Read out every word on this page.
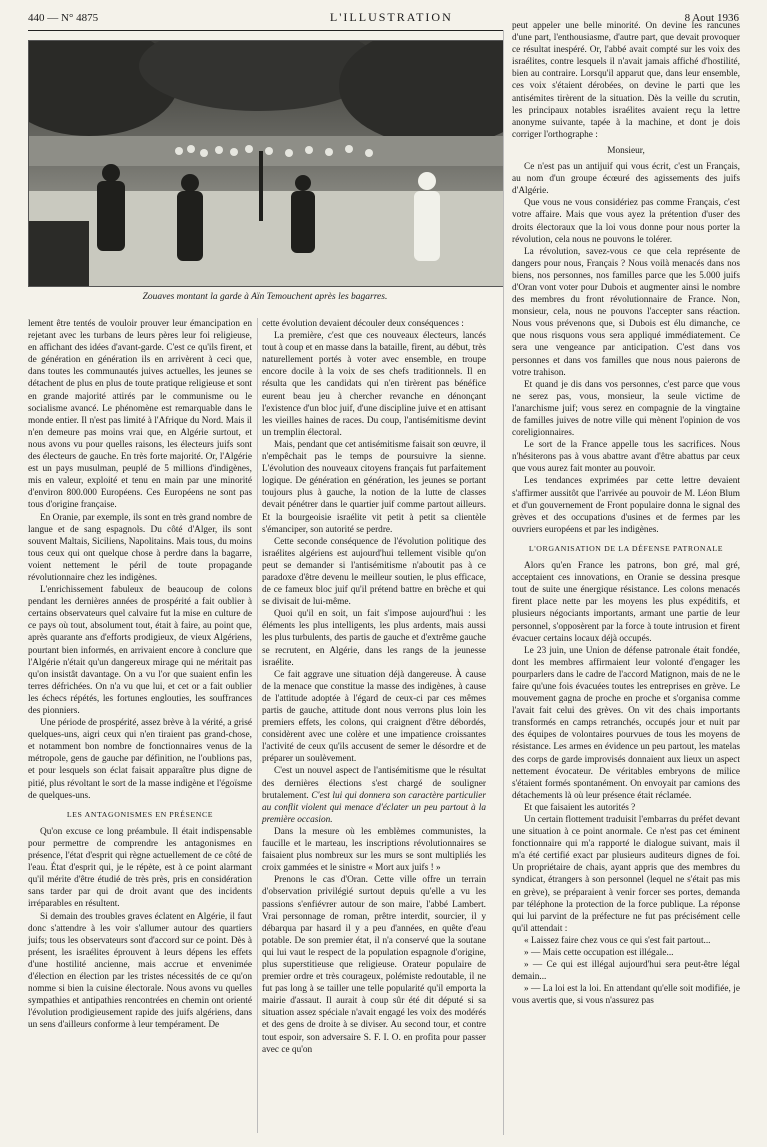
440 — N° 4875	L'ILLUSTRATION	8 Aout 1936
Zouaves montant la garde à Aïn Temouchent après les bagarres.

lement être tentés de vouloir prouver leur émancipation en rejetant avec les turbans de leurs pères leur foi religieuse, en affichant des idées d'avant-garde. C'est ce qu'ils firent, et de génération en génération ils en arrivèrent à ceci que, dans toutes les communautés juives actuelles, les jeunes se détachent de plus en plus de toute pratique religieuse et sont en grande majorité attirés par le communisme ou le socialisme avancé. Le phénomène est remarquable dans le monde entier. Il n'est pas limité à l'Afrique du Nord. Mais il n'en demeure pas moins vrai que, en Algérie surtout, et nous avons vu pour quelles raisons, les électeurs juifs sont des électeurs de gauche. En très forte majorité. Or, l'Algérie est un pays musulman, peuplé de 5 millions d'indigènes, mis en valeur, exploité et tenu en main par une minorité d'environ 800.000 Européens. Ces Européens ne sont pas tous d'origine française.

En Oranie, par exemple, ils sont en très grand nombre de langue et de sang espagnols. Du côté d'Alger, ils sont souvent Maltais, Siciliens, Napolitains. Mais tous, du moins tous ceux qui ont quelque chose à perdre dans la bagarre, voient nettement le péril de toute propagande révolutionnaire chez les indigènes.

L'enrichissement fabuleux de beaucoup de colons pendant les dernières années de prospérité a fait oublier à certains observateurs quel calvaire fut la mise en culture de ce pays où tout, absolument tout, était à faire, au point que, après quarante ans d'efforts prodigieux, de vieux Algériens, pourtant bien informés, en arrivaient encore à conclure que l'Algérie n'était qu'un dangereux mirage qui ne méritait pas qu'on insistât davantage. On a vu l'or que suaient enfin les terres défrichées. On n'a vu que lui, et cet or a fait oublier les échecs répétés, les fortunes englouties, les souffrances des pionniers.

Une période de prospérité, assez brève à la vérité, a grisé quelques-uns, aigri ceux qui n'en tiraient pas grand-chose, et notamment bon nombre de fonctionnaires venus de la métropole, gens de gauche par définition, ne l'oublions pas, et pour lesquels son éclat faisait apparaître plus digne de pitié, plus révoltant le sort de la masse indigène et l'égoïsme de quelques-uns.

LES ANTAGONISMES EN PRÉSENCE

Qu'on excuse ce long préambule. Il était indispensable pour permettre de comprendre les antagonismes en présence, l'état d'esprit qui règne actuellement de ce côté de l'eau. État d'esprit qui, je le répète, est à ce point alarmant qu'il mérite d'être étudié de très près, pris en considération sans tarder par qui de droit avant que des incidents irréparables en résultent.

Si demain des troubles graves éclatent en Algérie, il faut donc s'attendre à les voir s'allumer autour des quartiers juifs; tous les observateurs sont d'accord sur ce point. Dès à présent, les israélites éprouvent à leurs dépens les effets d'une hostilité ancienne, mais accrue et envenimée d'élection en élection par les tristes nécessités de ce qu'on nomme si bien la cuisine électorale. Nous avons vu quelles sympathies et antipathies rencontrées en chemin ont orienté l'évolution prodigieusement rapide des juifs algériens, dans un sens d'ailleurs conforme à leur tempérament. De

cette évolution devaient découler deux conséquences :

La première, c'est que ces nouveaux électeurs, lancés tout à coup et en masse dans la bataille, firent, au début, très naturellement portés à voter avec ensemble, en troupe encore docile à la voix de ses chefs traditionnels. Il en résulta que les candidats qui n'en tirèrent pas bénéfice eurent beau jeu à chercher revanche en dénonçant l'existence d'un bloc juif, d'une discipline juive et en attisant les vieilles haines de races. Du coup, l'antisémitisme devint un tremplin électoral.

Mais, pendant que cet antisémitisme faisait son œuvre, il n'empêchait pas le temps de poursuivre la sienne. L'évolution des nouveaux citoyens français fut parfaitement logique. De génération en génération, les jeunes se portant toujours plus à gauche, la notion de la lutte de classes devait pénétrer dans le quartier juif comme partout ailleurs. Et la bourgeoisie israélite vit petit à petit sa clientèle s'émanciper, son autorité se perdre.

Cette seconde conséquence de l'évolution politique des israélites algériens est aujourd'hui tellement visible qu'on peut se demander si l'antisémitisme n'aboutit pas à ce paradoxe d'être devenu le meilleur soutien, le plus efficace, de ce fameux bloc juif qu'il prétend battre en brèche et qui se divisait de lui-même.

Quoi qu'il en soit, un fait s'impose aujourd'hui : les éléments les plus intelligents, les plus ardents, mais aussi les plus turbulents, des partis de gauche et d'extrême gauche se recrutent, en Algérie, dans les rangs de la jeunesse israélite.

Ce fait aggrave une situation déjà dangereuse. À cause de la menace que constitue la masse des indigènes, à cause de l'attitude adoptée à l'égard de ceux-ci par ces mêmes partis de gauche, attitude dont nous verrons plus loin les premiers effets, les colons, qui craignent d'être débordés, considèrent avec une colère et une impatience croissantes l'activité de ceux qu'ils accusent de semer le désordre et de préparer un soulèvement.

C'est un nouvel aspect de l'antisémitisme que le résultat des dernières élections s'est chargé de souligner brutalement. C'est lui qui donnera son caractère particulier au conflit violent qui menace d'éclater un peu partout à la première occasion.

Dans la mesure où les emblèmes communistes, la faucille et le marteau, les inscriptions révolutionnaires se faisaient plus nombreux sur les murs se sont multipliés les croix gammées et le sinistre « Mort aux juifs ! »

Prenons le cas d'Oran. Cette ville offre un terrain d'observation privilégié surtout depuis qu'elle a vu les passions s'enfiévrer autour de son maire, l'abbé Lambert. Vrai personnage de roman, prêtre interdit, sourcier, il y débarqua par hasard il y a peu d'années, en quête d'eau potable. De son premier état, il n'a conservé que la soutane qui lui vaut le respect de la population espagnole d'origine, plus superstitieuse que religieuse. Orateur populaire de premier ordre et très courageux, polémiste redoutable, il ne fut pas long à se tailler une telle popularité qu'il emporta la mairie d'assaut. Il aurait à coup sûr été dit député si sa situation assez spéciale n'avait engagé les voix des modérés et des gens de droite à se diviser. Au second tour, et contre tout espoir, son adversaire S. F. I. O. en profita pour passer avec ce qu'on

peut appeler une belle minorité. On devine les rancunes d'une part, l'enthousiasme, d'autre part, que devait provoquer ce résultat inespéré. Or, l'abbé avait compté sur les voix des israélites, contre lesquels il n'avait jamais affiché d'hostilité, bien au contraire. Lorsqu'il apparut que, dans leur ensemble, ces voix s'étaient dérobées, on devine le parti que les antisémites tirèrent de la situation. Dès la veille du scrutin, les principaux notables israélites avaient reçu la lettre anonyme suivante, tapée à la machine, et dont je dois corriger l'orthographe :

Monsieur,

Ce n'est pas un antijuif qui vous écrit, c'est un Français, au nom d'un groupe écœuré des agissements des juifs d'Algérie.

Que vous ne vous considériez pas comme Français, c'est votre affaire. Mais que vous ayez la prétention d'user des droits électoraux que la loi vous donne pour nous porter la révolution, cela nous ne pouvons le tolérer.

La révolution, savez-vous ce que cela représente de dangers pour nous, Français ? Nous voilà menacés dans nos biens, nos personnes, nos familles parce que les 5.000 juifs d'Oran vont voter pour Dubois et augmenter ainsi le nombre des membres du front révolutionnaire de France. Non, monsieur, cela, nous ne pouvons l'accepter sans réaction. Nous vous prévenons que, si Dubois est élu dimanche, ce que nous risquons vous sera appliqué immédiatement. Ce sera une vengeance par anticipation. C'est dans vos personnes et dans vos familles que nous nous paierons de votre trahison.

Et quand je dis dans vos personnes, c'est parce que vous ne serez pas, vous, monsieur, la seule victime de l'anarchisme juif; vous serez en compagnie de la vingtaine de familles juives de notre ville qui mènent l'opinion de vos coreligionnaires.

Le sort de la France appelle tous les sacrifices. Nous n'hésiterons pas à vous abattre avant d'être abattus par ceux que vous aurez fait monter au pouvoir.

Les tendances exprimées par cette lettre devaient s'affirmer aussitôt que l'arrivée au pouvoir de M. Léon Blum et d'un gouvernement de Front populaire donna le signal des grèves et des occupations d'usines et de fermes par les ouvriers européens et par les indigènes.

L'ORGANISATION DE LA DÉFENSE PATRONALE

Alors qu'en France les patrons, bon gré, mal gré, acceptaient ces innovations, en Oranie se dessina presque tout de suite une énergique résistance. Les colons menacés firent place nette par les moyens les plus expéditifs, et plusieurs négociants importants, armant une partie de leur personnel, s'opposèrent par la force à toute intrusion et firent évacuer certains locaux déjà occupés.

Le 23 juin, une Union de défense patronale était fondée, dont les membres affirmaient leur volonté d'engager les pourparlers dans le cadre de l'accord Matignon, mais de ne le faire qu'une fois évacuées toutes les entreprises en grève. Le mouvement gagna de proche en proche et s'organisa comme l'avait fait celui des grèves. On vit des chais importants transformés en camps retranchés, occupés jour et nuit par des équipes de volontaires pourvues de tous les moyens de résistance. Les armes en évidence un peu partout, les matelas des corps de garde improvisés donnaient aux lieux un aspect nettement évocateur. De véritables embryons de milice s'étaient formés spontanément. On envoyait par camions des détachements là où leur présence était réclamée.

Et que faisaient les autorités ?

Un certain flottement traduisit l'embarras du préfet devant une situation à ce point anormale. Ce n'est pas cet éminent fonctionnaire qui m'a rapporté le dialogue suivant, mais il m'a été certifié exact par plusieurs auditeurs dignes de foi. Un propriétaire de chais, ayant appris que des membres du syndicat, étrangers à son personnel (lequel ne s'était pas mis en grève), se préparaient à venir forcer ses portes, demanda par téléphone la protection de la force publique. La réponse qui lui parvint de la préfecture ne fut pas précisément celle qu'il attendait :

« Laissez faire chez vous ce qui s'est fait partout...

» — Mais cette occupation est illégale...

» — Ce qui est illégal aujourd'hui sera peut-être légal demain...

» — La loi est la loi. En attendant qu'elle soit modifiée, je vous avertis que, si vous n'assurez pas
